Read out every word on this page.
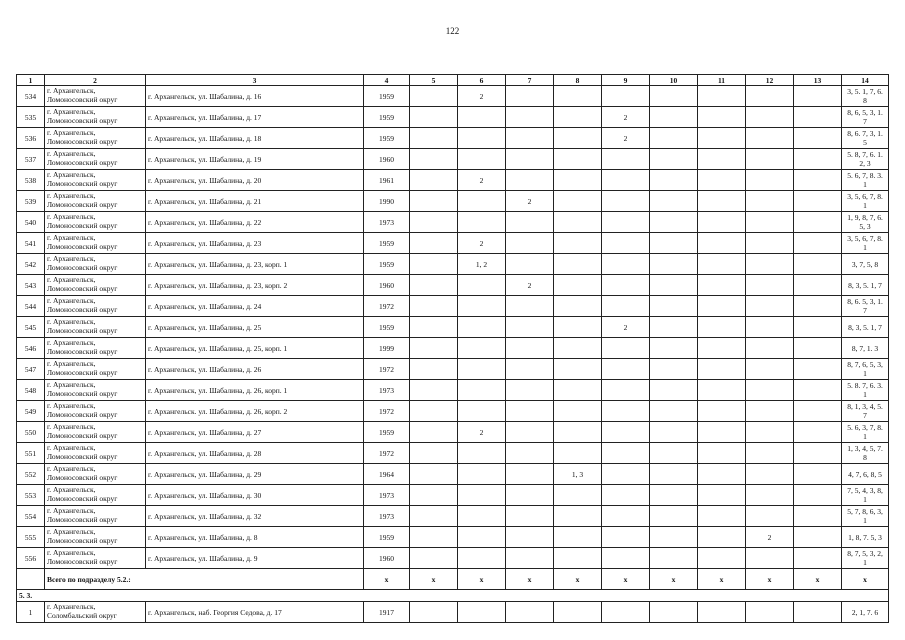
122
1	2	3	4	5	6	7	8	9	10	11	12	13	14
534	г. Архангельск,
Ломоносовский округ	г. Архангельск, ул. Шабалина, д. 16	1959		2								3, 5. 1, 7, 6.
8
535	г. Архангельск,
Ломоносовский округ	г. Архангельск, ул. Шабалина, д. 17	1959					2					8, 6, 5, 3, 1.
7
536	г. Архангельск,
Ломоносовский округ	г. Архангельск, ул. Шабалина, д. 18	1959					2					8, 6. 7, 3, 1.
5
537	г. Архангельск,
Ломоносовский округ	г. Архангельск, ул. Шабалина, д. 19	1960										5. 8, 7, 6. 1.
2, 3
538	г. Архангельск,
Ломоносовский округ	г. Архангельск, ул. Шабалина, д. 20	1961		2								5. 6, 7, 8. 3.
1
539	г. Архангельск,
Ломоносовский округ	г. Архангельск, ул. Шабалина, д. 21	1990			2							3, 5, 6, 7, 8.
1
540	г. Архангельск,
Ломоносовский округ	г. Архангельск, ул. Шабалина, д. 22	1973										1, 9, 8, 7, 6.
5, 3
541	г. Архангельск,
Ломоносовский округ	г. Архангельск, ул. Шабалина, д. 23	1959		2								3, 5, 6, 7, 8.
1
542	г. Архангельск,
Ломоносовский округ	г. Архангельск, ул. Шабалина, д. 23, корп. 1	1959		1, 2								3, 7, 5, 8
543	г. Архангельск,
Ломоносовский округ	г. Архангельск, ул. Шабалина, д. 23, корп. 2	1960			2							8, 3, 5. 1, 7
544	г. Архангельск,
Ломоносовский округ	г. Архангельск, ул. Шабалина, д. 24	1972										8, 6. 5, 3, 1.
7
545	г. Архангельск,
Ломоносовский округ	г. Архангельск, ул. Шабалина, д. 25	1959					2					8, 3, 5. 1, 7
546	г. Архангельск,
Ломоносовский округ	г. Архангельск, ул. Шабалина, д. 25, корп. 1	1999										8, 7, 1. 3
547	г. Архангельск,
Ломоносовский округ	г. Архангельск, ул. Шабалина, д. 26	1972										8, 7, 6, 5, 3,
1
548	г. Архангельск,
Ломоносовский округ	г. Архангельск, ул. Шабалина, д. 26, корп. 1	1973										5. 8. 7, 6. 3.
1
549	г. Архангельск,
Ломоносовский округ	г. Архангельск. ул. Шабалина, д. 26, корп. 2	1972										8, 1, 3, 4, 5.
7
550	г. Архангельск,
Ломоносовский округ	г. Архангельск, ул. Шабалина, д. 27	1959		2								5. 6, 3, 7, 8.
1
551	г. Архангельск,
Ломоносовский округ	г. Архангельск, ул. Шабалина, д. 28	1972										1, 3, 4, 5, 7.
8
552	г. Архангельск,
Ломоносовский округ	г. Архангельск, ул. Шабалина, д. 29	1964				1, 3						4, 7, 6, 8, 5
553	г. Архангельск,
Ломоносовский округ	г. Архангельск, ул. Шабалина, д. 30	1973										7, 5, 4, 3, 8,
1
554	г. Архангельск,
Ломоносовский округ	г. Архангельск, ул. Шабалина, д. 32	1973										5, 7, 8, 6, 3,
1
555	г. Архангельск,
Ломоносовский округ	г. Архангельск, ул. Шабалина, д. 8	1959								2		1, 8, 7. 5, 3
556	г. Архангельск,
Ломоносовский округ	г. Архангельск, ул. Шабалина, д. 9	1960										8, 7, 5, 3, 2,
1
	Всего по подразделу 5.2.:		x	x	x	x	x	x	x	x	x	x	x
5. 3.													
1	г. Архангельск,
Соломбальский округ	г. Архангельск, наб. Георгия Седова, д. 17	1917										2, 1, 7. 6
